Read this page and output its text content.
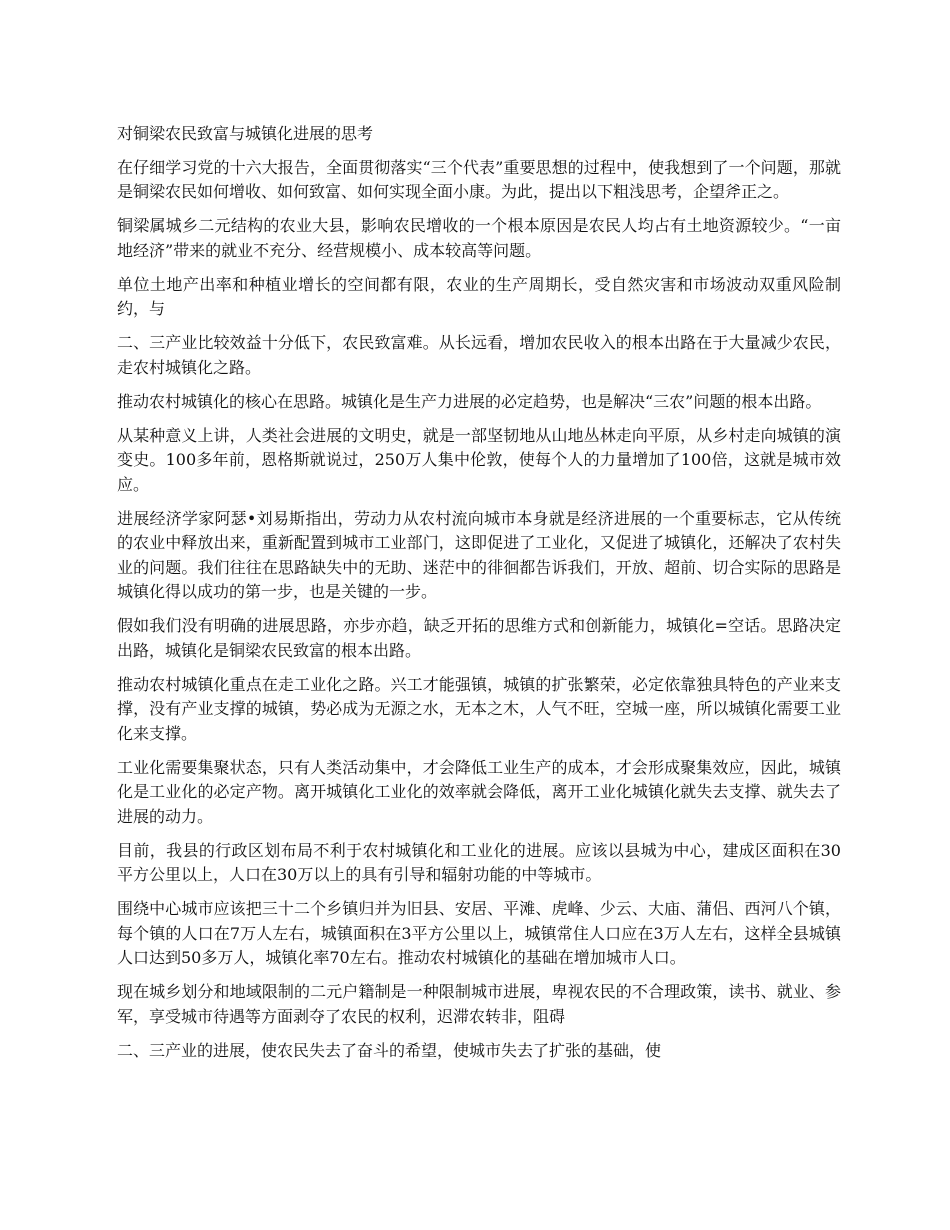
对铜梁农民致富与城镇化进展的思考

在仔细学习党的十六大报告，全面贯彻落实“三个代表”重要思想的过程中，使我想到了一个问题，那就是铜梁农民如何增收、如何致富、如何实现全面小康。为此，提出以下粗浅思考，企望斧正之。

铜梁属城乡二元结构的农业大县，影响农民增收的一个根本原因是农民人均占有土地资源较少。“一亩地经济”带来的就业不充分、经营规模小、成本较高等问题。

单位土地产出率和种植业增长的空间都有限，农业的生产周期长，受自然灾害和市场波动双重风险制约，与

二、三产业比较效益十分低下，农民致富难。从长远看，增加农民收入的根本出路在于大量减少农民，走农村城镇化之路。

推动农村城镇化的核心在思路。城镇化是生产力进展的必定趋势，也是解决“三农”问题的根本出路。

从某种意义上讲，人类社会进展的文明史，就是一部坚韧地从山地丛林走向平原，从乡村走向城镇的演变史。100多年前，恩格斯就说过，250万人集中伦敦，使每个人的力量增加了100倍，这就是城市效应。

进展经济学家阿瑟•刘易斯指出，劳动力从农村流向城市本身就是经济进展的一个重要标志，它从传统的农业中释放出来，重新配置到城市工业部门，这即促进了工业化，又促进了城镇化，还解决了农村失业的问题。我们往往在思路缺失中的无助、迷茫中的徘徊都告诉我们，开放、超前、切合实际的思路是城镇化得以成功的第一步，也是关键的一步。

假如我们没有明确的进展思路，亦步亦趋，缺乏开拓的思维方式和创新能力，城镇化=空话。思路决定出路，城镇化是铜梁农民致富的根本出路。

推动农村城镇化重点在走工业化之路。兴工才能强镇，城镇的扩张繁荣，必定依靠独具特色的产业来支撑，没有产业支撑的城镇，势必成为无源之水，无本之木，人气不旺，空城一座，所以城镇化需要工业化来支撑。

工业化需要集聚状态，只有人类活动集中，才会降低工业生产的成本，才会形成聚集效应，因此，城镇化是工业化的必定产物。离开城镇化工业化的效率就会降低，离开工业化城镇化就失去支撑、就失去了进展的动力。

目前，我县的行政区划布局不利于农村城镇化和工业化的进展。应该以县城为中心，建成区面积在30平方公里以上，人口在30万以上的具有引导和辐射功能的中等城市。

围绕中心城市应该把三十二个乡镇归并为旧县、安居、平滩、虎峰、少云、大庙、蒲侣、西河八个镇，每个镇的人口在7万人左右，城镇面积在3平方公里以上，城镇常住人口应在3万人左右，这样全县城镇人口达到50多万人，城镇化率70左右。推动农村城镇化的基础在增加城市人口。

现在城乡划分和地域限制的二元户籍制是一种限制城市进展，卑视农民的不合理政策，读书、就业、参军，享受城市待遇等方面剥夺了农民的权利，迟滞农转非，阻碍

二、三产业的进展，使农民失去了奋斗的希望，使城市失去了扩张的基础，使
